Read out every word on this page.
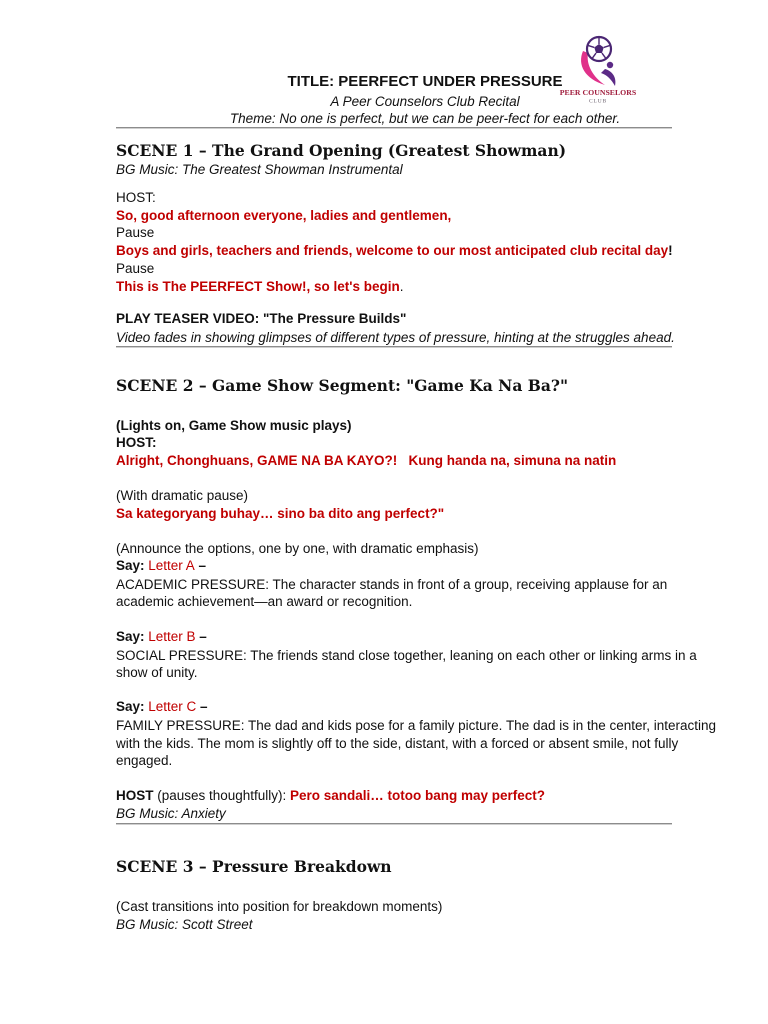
PEER COUNSELORS
CLUB
TITLE: PEERFECT UNDER PRESSURE
A Peer Counselors Club Recital
Theme: No one is perfect, but we can be peer-fect for each other.
SCENE 1 – The Grand Opening (Greatest Showman)
BG Music: The Greatest Showman Instrumental
HOST:
So, good afternoon everyone, ladies and gentlemen,
Pause
Boys and girls, teachers and friends, welcome to our most anticipated club recital day!
Pause
This is The PEERFECT Show!, so let's begin.
PLAY TEASER VIDEO: "The Pressure Builds"
Video fades in showing glimpses of different types of pressure, hinting at the struggles ahead.
SCENE 2 – Game Show Segment: "Game Ka Na Ba?"
(Lights on, Game Show music plays)
HOST:
Alright, Chonghuans, GAME NA BA KAYO?!   Kung handa na, simuna na natin
(With dramatic pause)
Sa kategoryang buhay… sino ba dito ang perfect?"
(Announce the options, one by one, with dramatic emphasis)
Say: Letter A –
ACADEMIC PRESSURE: The character stands in front of a group, receiving applause for an
academic achievement—an award or recognition.
Say: Letter B –
SOCIAL PRESSURE: The friends stand close together, leaning on each other or linking arms in a
show of unity.
Say: Letter C –
FAMILY PRESSURE: The dad and kids pose for a family picture. The dad is in the center, interacting
with the kids. The mom is slightly off to the side, distant, with a forced or absent smile, not fully
engaged.
HOST (pauses thoughtfully): Pero sandali… totoo bang may perfect?
BG Music: Anxiety
SCENE 3 – Pressure Breakdown
(Cast transitions into position for breakdown moments)
BG Music: Scott Street
